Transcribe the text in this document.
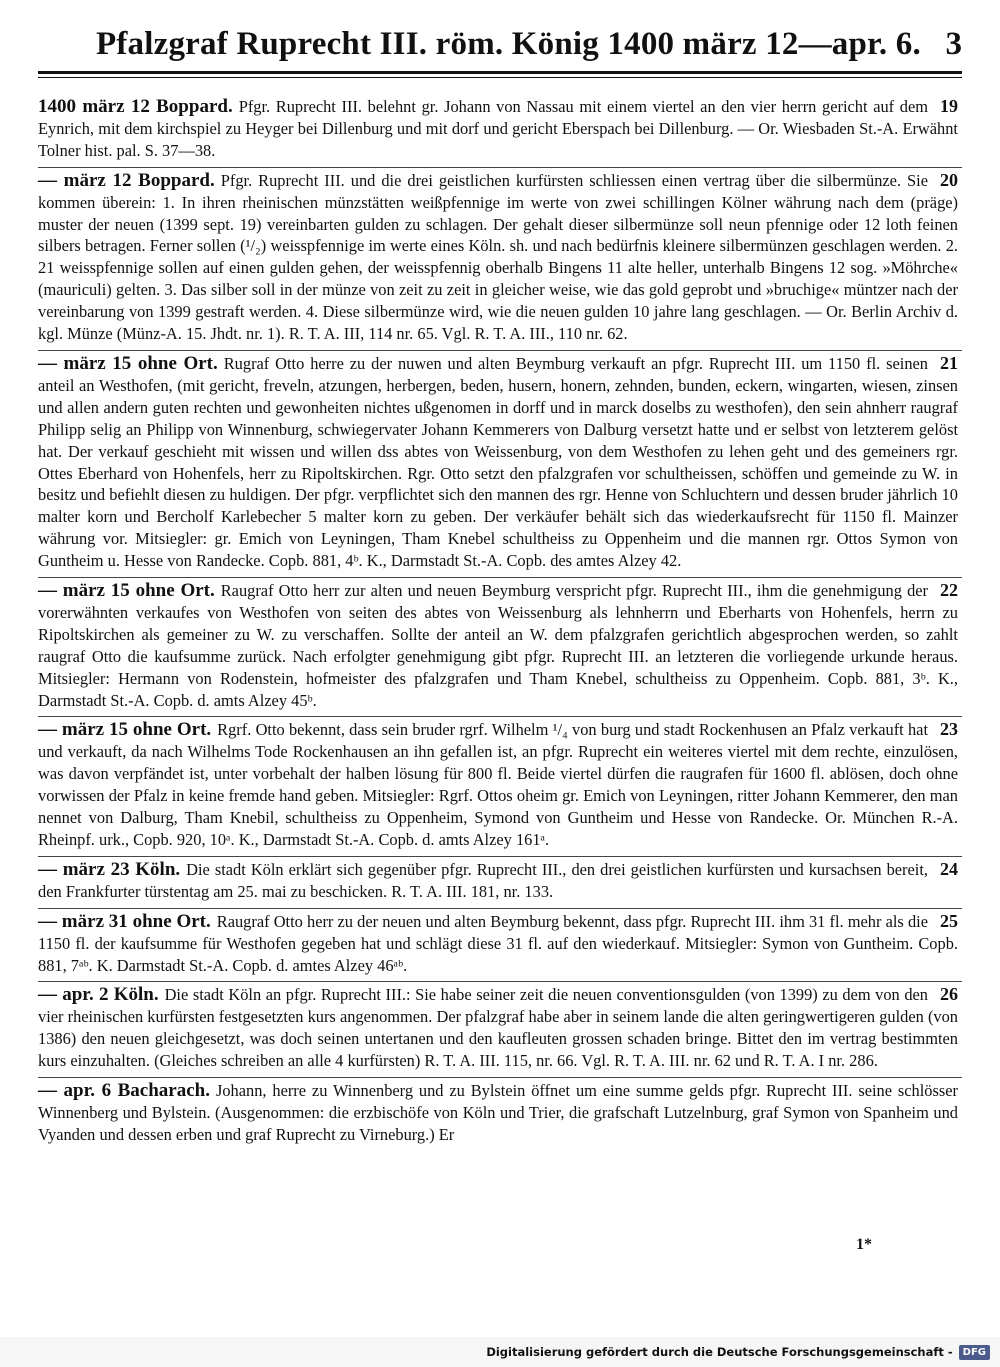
Pfalzgraf Ruprecht III. röm. König 1400 märz 12—apr. 6. 3

19
1400 märz 12 Boppard. Pfgr. Ruprecht III. belehnt gr. Johann von Nassau mit einem viertel an den vier herrn gericht auf dem Eynrich, mit dem kirchspiel zu Heyger bei Dillenburg und mit dorf und gericht Eberspach bei Dillenburg. — Or. Wiesbaden St.-A. Erwähnt Tolner hist. pal. S. 37—38.

20
— märz 12 Boppard. Pfgr. Ruprecht III. und die drei geistlichen kurfürsten schliessen einen vertrag über die silbermünze. Sie kommen überein: 1. In ihren rheinischen münzstätten weißpfennige im werte von zwei schillingen Kölner währung nach dem (präge) muster der neuen (1399 sept. 19) vereinbarten gulden zu schlagen. Der gehalt dieser silbermünze soll neun pfennige oder 12 loth feinen silbers betragen. Ferner sollen (¹/₂) weisspfennige im werte eines Köln. sh. und nach bedürfnis kleinere silbermünzen geschlagen werden. 2. 21 weisspfennige sollen auf einen gulden gehen, der weisspfennig oberhalb Bingens 11 alte heller, unterhalb Bingens 12 sog. »Möhrche« (mauriculi) gelten. 3. Das silber soll in der münze von zeit zu zeit in gleicher weise, wie das gold geprobt und »bruchige« müntzer nach der vereinbarung von 1399 gestraft werden. 4. Diese silbermünze wird, wie die neuen gulden 10 jahre lang geschlagen. — Or. Berlin Archiv d. kgl. Münze (Münz-A. 15. Jhdt. nr. 1). R. T. A. III, 114 nr. 65. Vgl. R. T. A. III., 110 nr. 62.

21
— märz 15 ohne Ort. Rugraf Otto herre zu der nuwen und alten Beymburg verkauft an pfgr. Ruprecht III. um 1150 fl. seinen anteil an Westhofen, (mit gericht, freveln, atzungen, herbergen, beden, husern, honern, zehnden, bunden, eckern, wingarten, wiesen, zinsen und allen andern guten rechten und gewonheiten nichtes ußgenomen in dorff und in marck doselbs zu westhofen), den sein ahnherr raugraf Philipp selig an Philipp von Winnenburg, schwiegervater Johann Kemmerers von Dalburg versetzt hatte und er selbst von letzterem gelöst hat. Der verkauf geschieht mit wissen und willen dss abtes von Weissenburg, von dem Westhofen zu lehen geht und des gemeiners rgr. Ottes Eberhard von Hohenfels, herr zu Ripoltskirchen. Rgr. Otto setzt den pfalzgrafen vor schultheissen, schöffen und gemeinde zu W. in besitz und befiehlt diesen zu huldigen. Der pfgr. verpflichtet sich den mannen des rgr. Henne von Schluchtern und dessen bruder jährlich 10 malter korn und Bercholf Karlebecher 5 malter korn zu geben. Der verkäufer behält sich das wiederkaufsrecht für 1150 fl. Mainzer währung vor. Mitsiegler: gr. Emich von Leyningen, Tham Knebel schultheiss zu Oppenheim und die mannen rgr. Ottos Symon von Guntheim u. Hesse von Randecke. Copb. 881, 4ᵇ. K., Darmstadt St.-A. Copb. des amtes Alzey 42.

22
— märz 15 ohne Ort. Raugraf Otto herr zur alten und neuen Beymburg verspricht pfgr. Ruprecht III., ihm die genehmigung der vorerwähnten verkaufes von Westhofen von seiten des abtes von Weissenburg als lehnherrn und Eberharts von Hohenfels, herrn zu Ripoltskirchen als gemeiner zu W. zu verschaffen. Sollte der anteil an W. dem pfalzgrafen gerichtlich abgesprochen werden, so zahlt raugraf Otto die kaufsumme zurück. Nach erfolgter genehmigung gibt pfgr. Ruprecht III. an letzteren die vorliegende urkunde heraus. Mitsiegler: Hermann von Rodenstein, hofmeister des pfalzgrafen und Tham Knebel, schultheiss zu Oppenheim. Copb. 881, 3ᵇ. K., Darmstadt St.-A. Copb. d. amts Alzey 45ᵇ.

23
— märz 15 ohne Ort. Rgrf. Otto bekennt, dass sein bruder rgrf. Wilhelm ¹/₄ von burg und stadt Rockenhusen an Pfalz verkauft hat und verkauft, da nach Wilhelms Tode Rockenhausen an ihn gefallen ist, an pfgr. Ruprecht ein weiteres viertel mit dem rechte, einzulösen, was davon verpfändet ist, unter vorbehalt der halben lösung für 800 fl. Beide viertel dürfen die raugrafen für 1600 fl. ablösen, doch ohne vorwissen der Pfalz in keine fremde hand geben. Mitsiegler: Rgrf. Ottos oheim gr. Emich von Leyningen, ritter Johann Kemmerer, den man nennet von Dalburg, Tham Knebil, schultheiss zu Oppenheim, Symond von Guntheim und Hesse von Randecke. Or. München R.-A. Rheinpf. urk., Copb. 920, 10ᵃ. K., Darmstadt St.-A. Copb. d. amts Alzey 161ᵃ.

24
— märz 23 Köln. Die stadt Köln erklärt sich gegenüber pfgr. Ruprecht III., den drei geistlichen kurfürsten und kursachsen bereit, den Frankfurter türstentag am 25. mai zu beschicken. R. T. A. III. 181, nr. 133.

25
— märz 31 ohne Ort. Raugraf Otto herr zu der neuen und alten Beymburg bekennt, dass pfgr. Ruprecht III. ihm 31 fl. mehr als die 1150 fl. der kaufsumme für Westhofen gegeben hat und schlägt diese 31 fl. auf den wiederkauf. Mitsiegler: Symon von Guntheim. Copb. 881, 7ᵃᵇ. K. Darmstadt St.-A. Copb. d. amtes Alzey 46ᵃᵇ.

26
— apr. 2 Köln. Die stadt Köln an pfgr. Ruprecht III.: Sie habe seiner zeit die neuen conventionsgulden (von 1399) zu dem von den vier rheinischen kurfürsten festgesetzten kurs angenommen. Der pfalzgraf habe aber in seinem lande die alten geringwertigeren gulden (von 1386) den neuen gleichgesetzt, was doch seinen untertanen und den kaufleuten grossen schaden bringe. Bittet den im vertrag bestimmten kurs einzuhalten. (Gleiches schreiben an alle 4 kurfürsten) R. T. A. III. 115, nr. 66. Vgl. R. T. A. III. nr. 62 und R. T. A. I nr. 286.

— apr. 6 Bacharach. Johann, herre zu Winnenberg und zu Bylstein öffnet um eine summe gelds pfgr. Ruprecht III. seine schlösser Winnenberg und Bylstein. (Ausgenommen: die erzbischöfe von Köln und Trier, die grafschaft Lutzelnburg, graf Symon von Spanheim und Vyanden und dessen erben und graf Ruprecht zu Virneburg.) Er

1*
Digitalisierung gefördert durch die Deutsche Forschungsgemeinschaft -	DFG
